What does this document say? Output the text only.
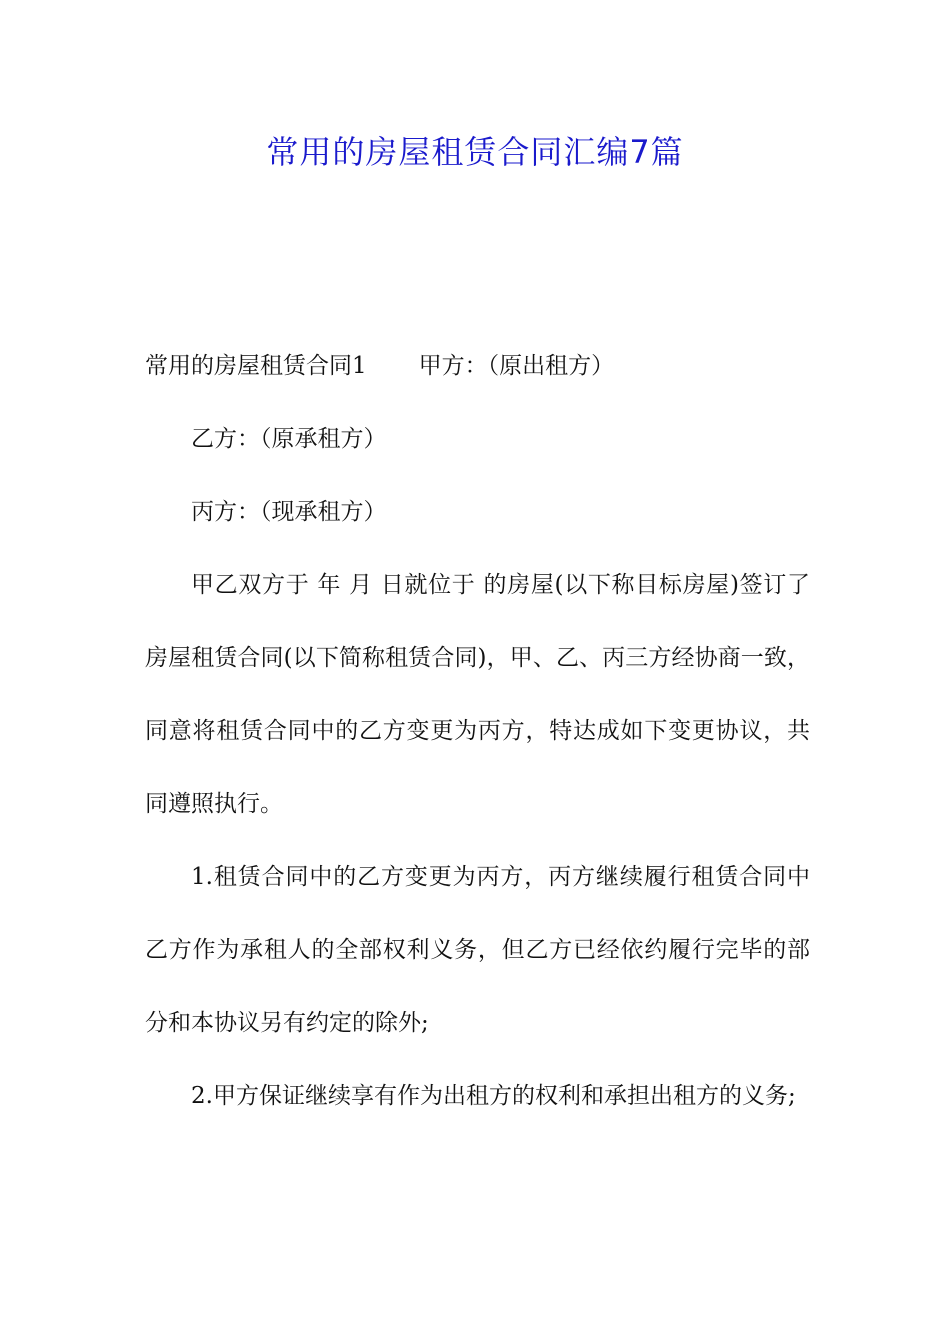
常用的房屋租赁合同汇编7篇

常用的房屋租赁合同1 甲方：（原出租方）

乙方：（原承租方）

丙方：（现承租方）

甲乙双方于 年 月 日就位于 的房屋(以下称目标房屋)签订了房屋租赁合同(以下简称租赁合同)，甲、乙、丙三方经协商一致，同意将租赁合同中的乙方变更为丙方，特达成如下变更协议，共同遵照执行。

1.租赁合同中的乙方变更为丙方，丙方继续履行租赁合同中乙方作为承租人的全部权利义务，但乙方已经依约履行完毕的部分和本协议另有约定的除外;

2.甲方保证继续享有作为出租方的权利和承担出租方的义务;
